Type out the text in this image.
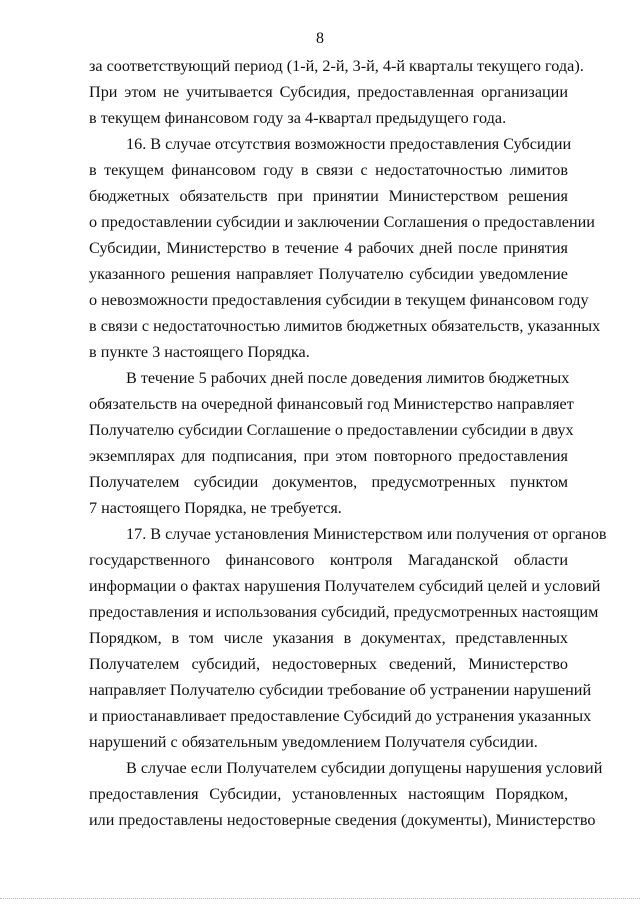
8
за соответствующий период (1-й, 2-й, 3-й, 4-й кварталы текущего года).
При этом не учитывается Субсидия, предоставленная организации
в текущем финансовом году за 4-квартал предыдущего года.
16. В случае отсутствия возможности предоставления Субсидии
в текущем финансовом году в связи с недостаточностью лимитов
бюджетных обязательств при принятии Министерством решения
о предоставлении субсидии и заключении Соглашения о предоставлении
Субсидии, Министерство в течение 4 рабочих дней после принятия
указанного решения направляет Получателю субсидии уведомление
о невозможности предоставления субсидии в текущем финансовом году
в связи с недостаточностью лимитов бюджетных обязательств, указанных
в пункте 3 настоящего Порядка.
В течение 5 рабочих дней после доведения лимитов бюджетных
обязательств на очередной финансовый год Министерство направляет
Получателю субсидии Соглашение о предоставлении субсидии в двух
экземплярах для подписания, при этом повторного предоставления
Получателем субсидии документов, предусмотренных пунктом
7 настоящего Порядка, не требуется.
17. В случае установления Министерством или получения от органов
государственного финансового контроля Магаданской области
информации о фактах нарушения Получателем субсидий целей и условий
предоставления и использования субсидий, предусмотренных настоящим
Порядком, в том числе указания в документах, представленных
Получателем субсидий, недостоверных сведений, Министерство
направляет Получателю субсидии требование об устранении нарушений
и приостанавливает предоставление Субсидий до устранения указанных
нарушений с обязательным уведомлением Получателя субсидии.
В случае если Получателем субсидии допущены нарушения условий
предоставления Субсидии, установленных настоящим Порядком,
или предоставлены недостоверные сведения (документы), Министерство
